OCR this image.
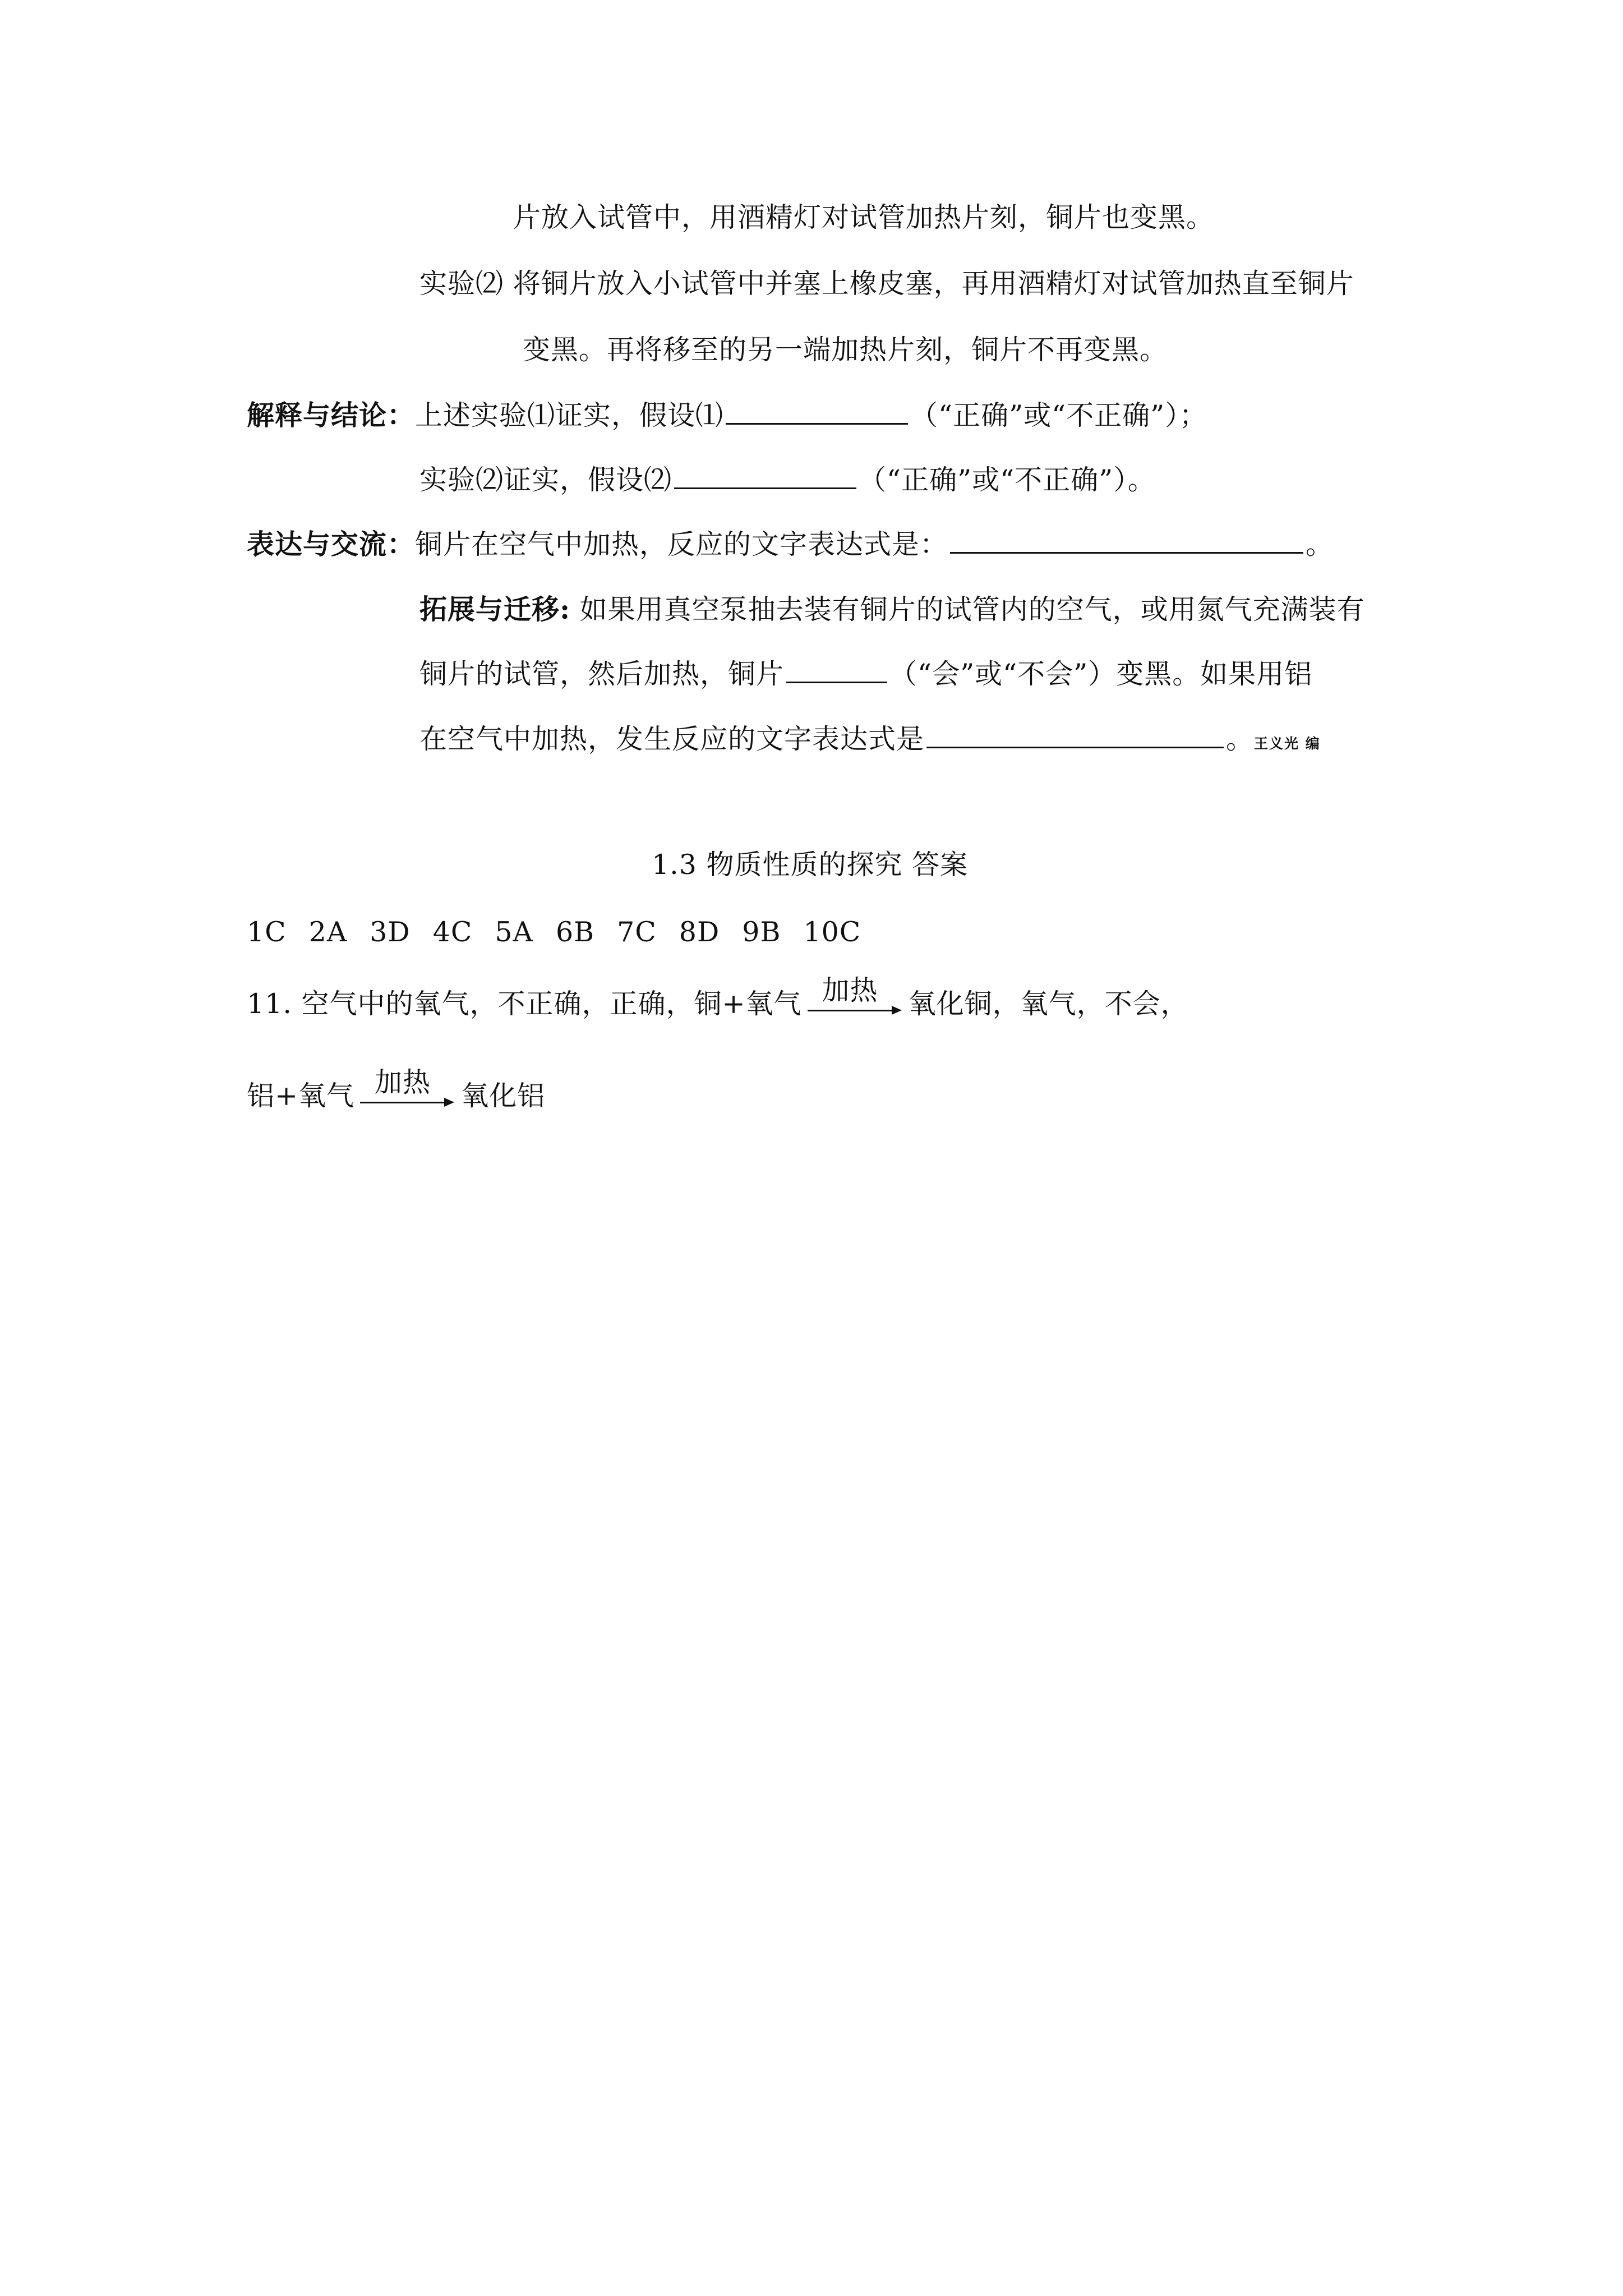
片放入试管中，用酒精灯对试管加热片刻，铜片也变黑。
实验⑵ 将铜片放入小试管中并塞上橡皮塞，再用酒精灯对试管加热直至铜片
变黑。再将移至的另一端加热片刻，铜片不再变黑。
解释与结论：上述实验⑴证实，假设⑴	（“正确”或“不正确”）；
实验⑵证实，假设⑵	（“正确”或“不正确”）。
表达与交流：铜片在空气中加热，反应的文字表达式是：	。
拓展与迁移: 如果用真空泵抽去装有铜片的试管内的空气，或用氮气充满装有
铜片的试管，然后加热，铜片	（“会”或“不会”）变黑。如果用铝
在空气中加热，发生反应的文字表达式是	。王义光 编
1.3 物质性质的探究 答案
1C 2A 3D 4C 5A 6B 7C 8D 9B 10C
11. 空气中的氧气，不正确，正确，铜+氧气 加热	氧化铜，氧气，不会，
铝+氧气 加热	氧化铝
